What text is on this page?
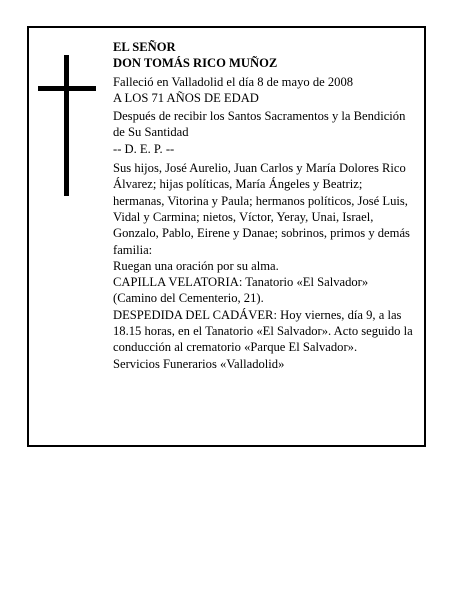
EL SEÑOR

DON TOMÁS RICO MUÑOZ

Falleció en Valladolid el día 8 de mayo de 2008

A LOS 71 AÑOS DE EDAD

Después de recibir los Santos Sacramentos y la Bendición de Su Santidad

-- D. E. P. --

Sus hijos, José Aurelio, Juan Carlos y María Dolores Rico Álvarez; hijas políticas, María Ángeles y Beatriz; hermanas, Vitorina y Paula; hermanos políticos, José Luis, Vidal y Carmina; nietos, Víctor, Yeray, Unai, Israel, Gonzalo, Pablo, Eirene y Danae; sobrinos, primos y demás familia:

Ruegan una oración por su alma.

CAPILLA VELATORIA: Tanatorio «El Salvador» (Camino del Cementerio, 21).

DESPEDIDA DEL CADÁVER: Hoy viernes, día 9, a las 18.15 horas, en el Tanatorio «El Salvador». Acto seguido la conducción al crematorio «Parque El Salvador».

Servicios Funerarios «Valladolid»
